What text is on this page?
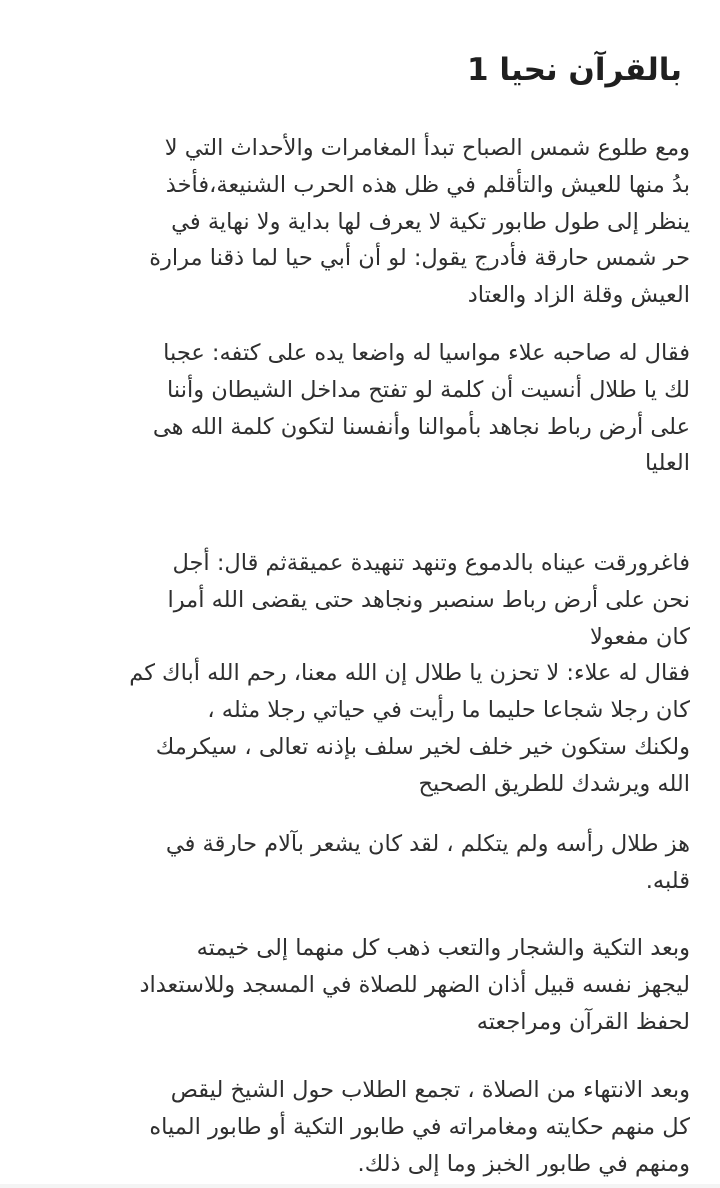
بالقرآن نحيا 1

ومع طلوع شمس الصباح تبدأ المغامرات والأحداث التي لا
بدُ منها للعيش والتأقلم في ظل هذه الحرب الشنيعة،فأخذ
ينظر إلى طول طابور تكية لا يعرف لها بداية ولا نهاية في
حر شمس حارقة فأدرج يقول: لو أن أبي حيا لما ذقنا مرارة
العيش وقلة الزاد والعتاد

فقال له صاحبه علاء مواسيا له واضعا يده على كتفه: عجبا
لك يا طلال أنسيت أن كلمة لو تفتح مداخل الشيطان وأننا
على أرض رباط نجاهد بأموالنا وأنفسنا لتكون كلمة الله هى
العليا

فاغرورقت عيناه بالدموع وتنهد تنهيدة عميقةثم قال: أجل
نحن على أرض رباط سنصبر ونجاهد حتى يقضى الله أمرا
كان مفعولا
فقال له علاء: لا تحزن يا طلال إن الله معنا، رحم الله أباك كم
كان رجلا شجاعا حليما ما رأيت في حياتي رجلا مثله ،
ولكنك ستكون خير خلف لخير سلف بإذنه تعالى ، سيكرمك
الله ويرشدك للطريق الصحيح

هز طلال رأسه ولم يتكلم ، لقد كان يشعر بآلام حارقة في
قلبه.

وبعد التكية والشجار والتعب ذهب كل منهما إلى خيمته
ليجهز نفسه قبيل أذان الضهر للصلاة في المسجد وللاستعداد
لحفظ القرآن ومراجعته

وبعد الانتهاء من الصلاة ، تجمع الطلاب حول الشيخ ليقص
كل منهم حكايته ومغامراته في طابور التكية أو طابور المياه
ومنهم في طابور الخبز وما إلى ذلك.
